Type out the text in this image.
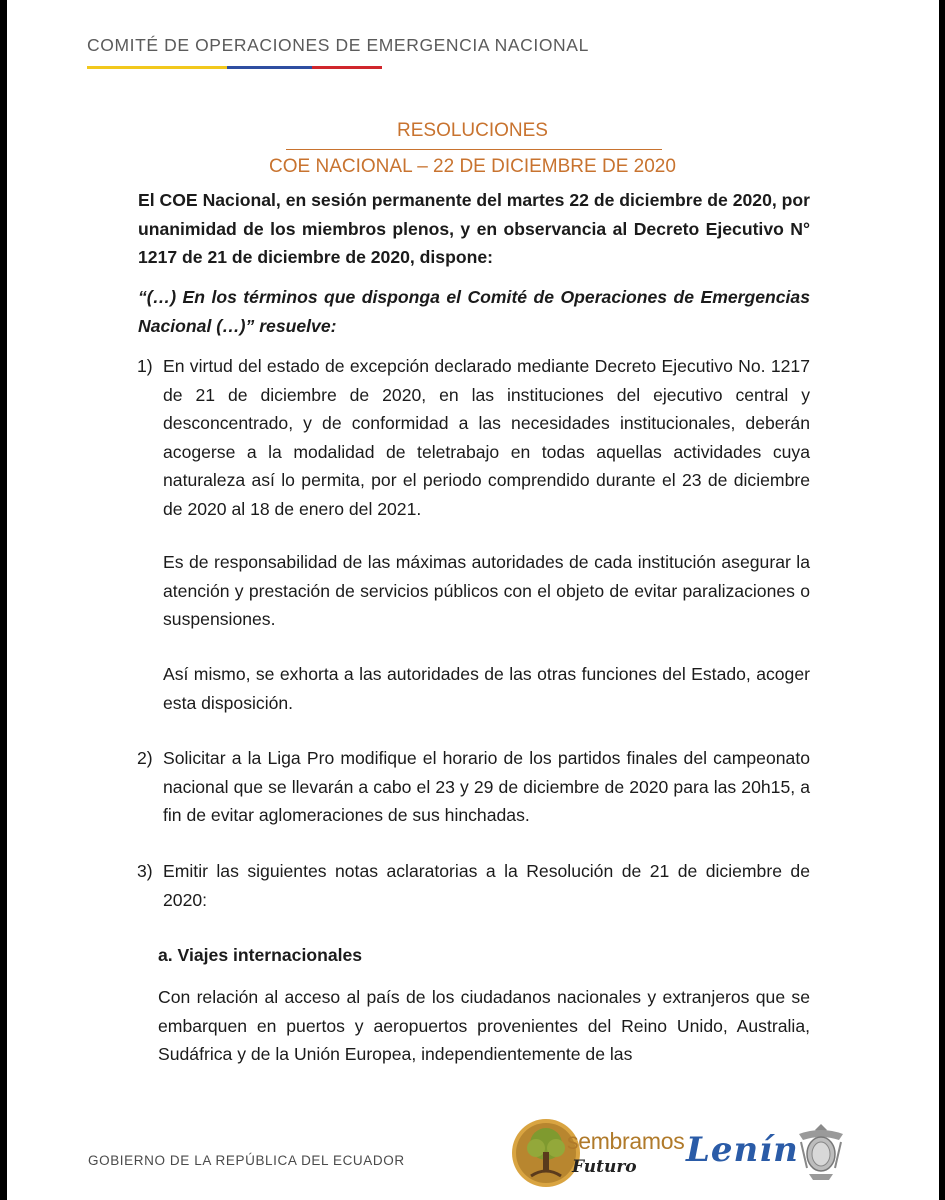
COMITÉ DE OPERACIONES DE EMERGENCIA NACIONAL
RESOLUCIONES
COE NACIONAL – 22 DE DICIEMBRE DE 2020

El COE Nacional, en sesión permanente del martes 22 de diciembre de 2020, por unanimidad de los miembros plenos, y en observancia al Decreto Ejecutivo N° 1217 de 21 de diciembre de 2020, dispone:

“(…) En los términos que disponga el Comité de Operaciones de Emergencias Nacional (…)” resuelve:

1) En virtud del estado de excepción declarado mediante Decreto Ejecutivo No. 1217 de 21 de diciembre de 2020, en las instituciones del ejecutivo central y desconcentrado, y de conformidad a las necesidades institucionales, deberán acogerse a la modalidad de teletrabajo en todas aquellas actividades cuya naturaleza así lo permita, por el periodo comprendido durante el 23 de diciembre de 2020 al 18 de enero del 2021.

Es de responsabilidad de las máximas autoridades de cada institución asegurar la atención y prestación de servicios públicos con el objeto de evitar paralizaciones o suspensiones.

Así mismo, se exhorta a las autoridades de las otras funciones del Estado, acoger esta disposición.

2) Solicitar a la Liga Pro modifique el horario de los partidos finales del campeonato nacional que se llevarán a cabo el 23 y 29 de diciembre de 2020 para las 20h15, a fin de evitar aglomeraciones de sus hinchadas.

3) Emitir las siguientes notas aclaratorias a la Resolución de 21 de diciembre de 2020:

a. Viajes internacionales

Con relación al acceso al país de los ciudadanos nacionales y extranjeros que se embarquen en puertos y aeropuertos provenientes del Reino Unido, Australia, Sudáfrica y de la Unión Europea, independientemente de las

GOBIERNO DE LA REPÚBLICA DEL ECUADOR
sembramos
Futuro Lenín
